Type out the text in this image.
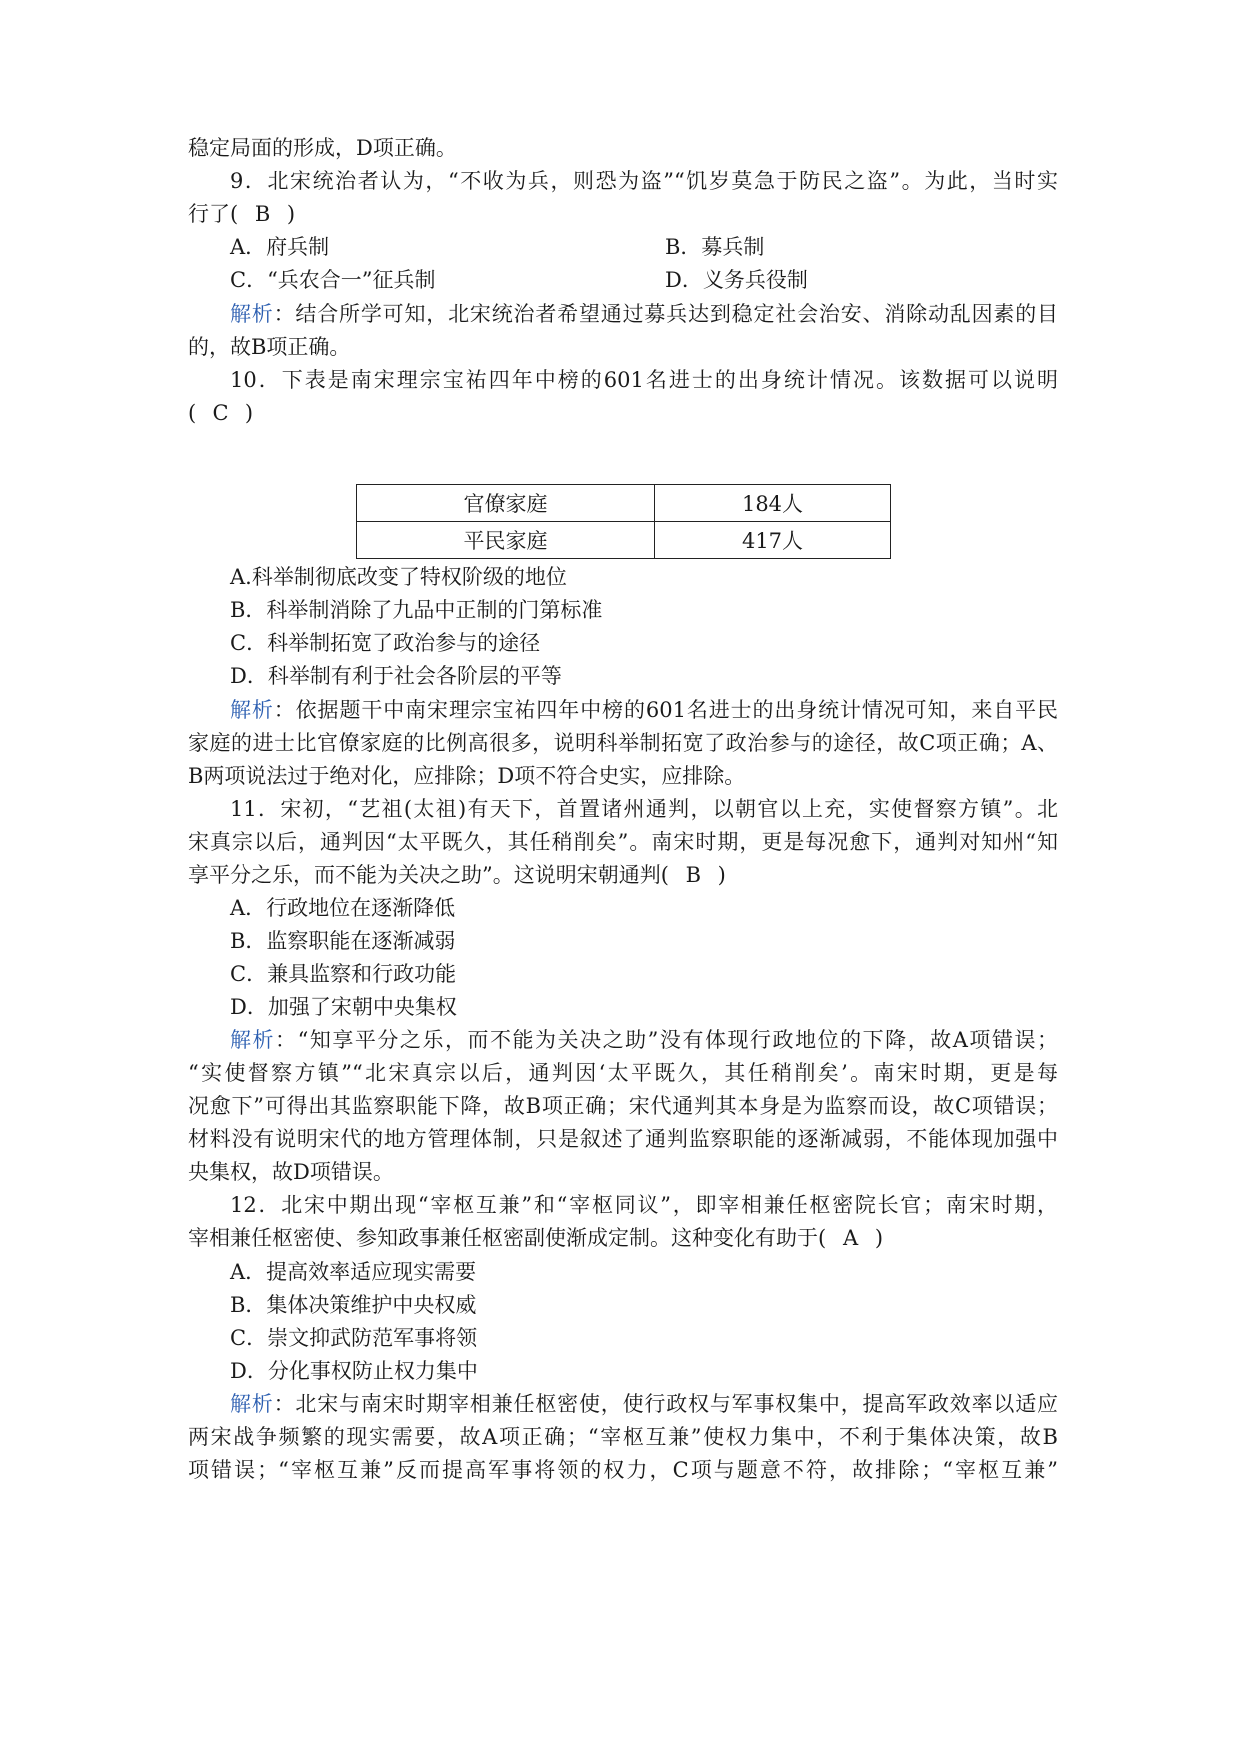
稳定局面的形成，D项正确。
9．北宋统治者认为，“不收为兵，则恐为盗”“饥岁莫急于防民之盗”。为此，当时实
行了(  B  )
A．府兵制	B．募兵制
C．“兵农合一”征兵制	D．义务兵役制
解析：结合所学可知，北宋统治者希望通过募兵达到稳定社会治安、消除动乱因素的目
的，故B项正确。
10．下表是南宋理宗宝祐四年中榜的601名进士的出身统计情况。该数据可以说明
(  C  )
官僚家庭	184人
平民家庭	417人
A.科举制彻底改变了特权阶级的地位
B．科举制消除了九品中正制的门第标准
C．科举制拓宽了政治参与的途径
D．科举制有利于社会各阶层的平等
解析：依据题干中南宋理宗宝祐四年中榜的601名进士的出身统计情况可知，来自平民
家庭的进士比官僚家庭的比例高很多，说明科举制拓宽了政治参与的途径，故C项正确；A、
B两项说法过于绝对化，应排除；D项不符合史实，应排除。
11．宋初，“艺祖(太祖)有天下，首置诸州通判，以朝官以上充，实使督察方镇”。北
宋真宗以后，通判因“太平既久，其任稍削矣”。南宋时期，更是每况愈下，通判对知州“知
享平分之乐，而不能为关决之助”。这说明宋朝通判(  B  )
A．行政地位在逐渐降低
B．监察职能在逐渐减弱
C．兼具监察和行政功能
D．加强了宋朝中央集权
解析：“知享平分之乐，而不能为关决之助”没有体现行政地位的下降，故A项错误；
“实使督察方镇”“北宋真宗以后，通判因‘太平既久，其任稍削矣’。南宋时期，更是每
况愈下”可得出其监察职能下降，故B项正确；宋代通判其本身是为监察而设，故C项错误；
材料没有说明宋代的地方管理体制，只是叙述了通判监察职能的逐渐减弱，不能体现加强中
央集权，故D项错误。
12．北宋中期出现“宰枢互兼”和“宰枢同议”，即宰相兼任枢密院长官；南宋时期，
宰相兼任枢密使、参知政事兼任枢密副使渐成定制。这种变化有助于(  A  )
A．提高效率适应现实需要
B．集体决策维护中央权威
C．崇文抑武防范军事将领
D．分化事权防止权力集中
解析：北宋与南宋时期宰相兼任枢密使，使行政权与军事权集中，提高军政效率以适应
两宋战争频繁的现实需要，故A项正确；“宰枢互兼”使权力集中，不利于集体决策，故B
项错误；“宰枢互兼”反而提高军事将领的权力，C项与题意不符，故排除；“宰枢互兼”
